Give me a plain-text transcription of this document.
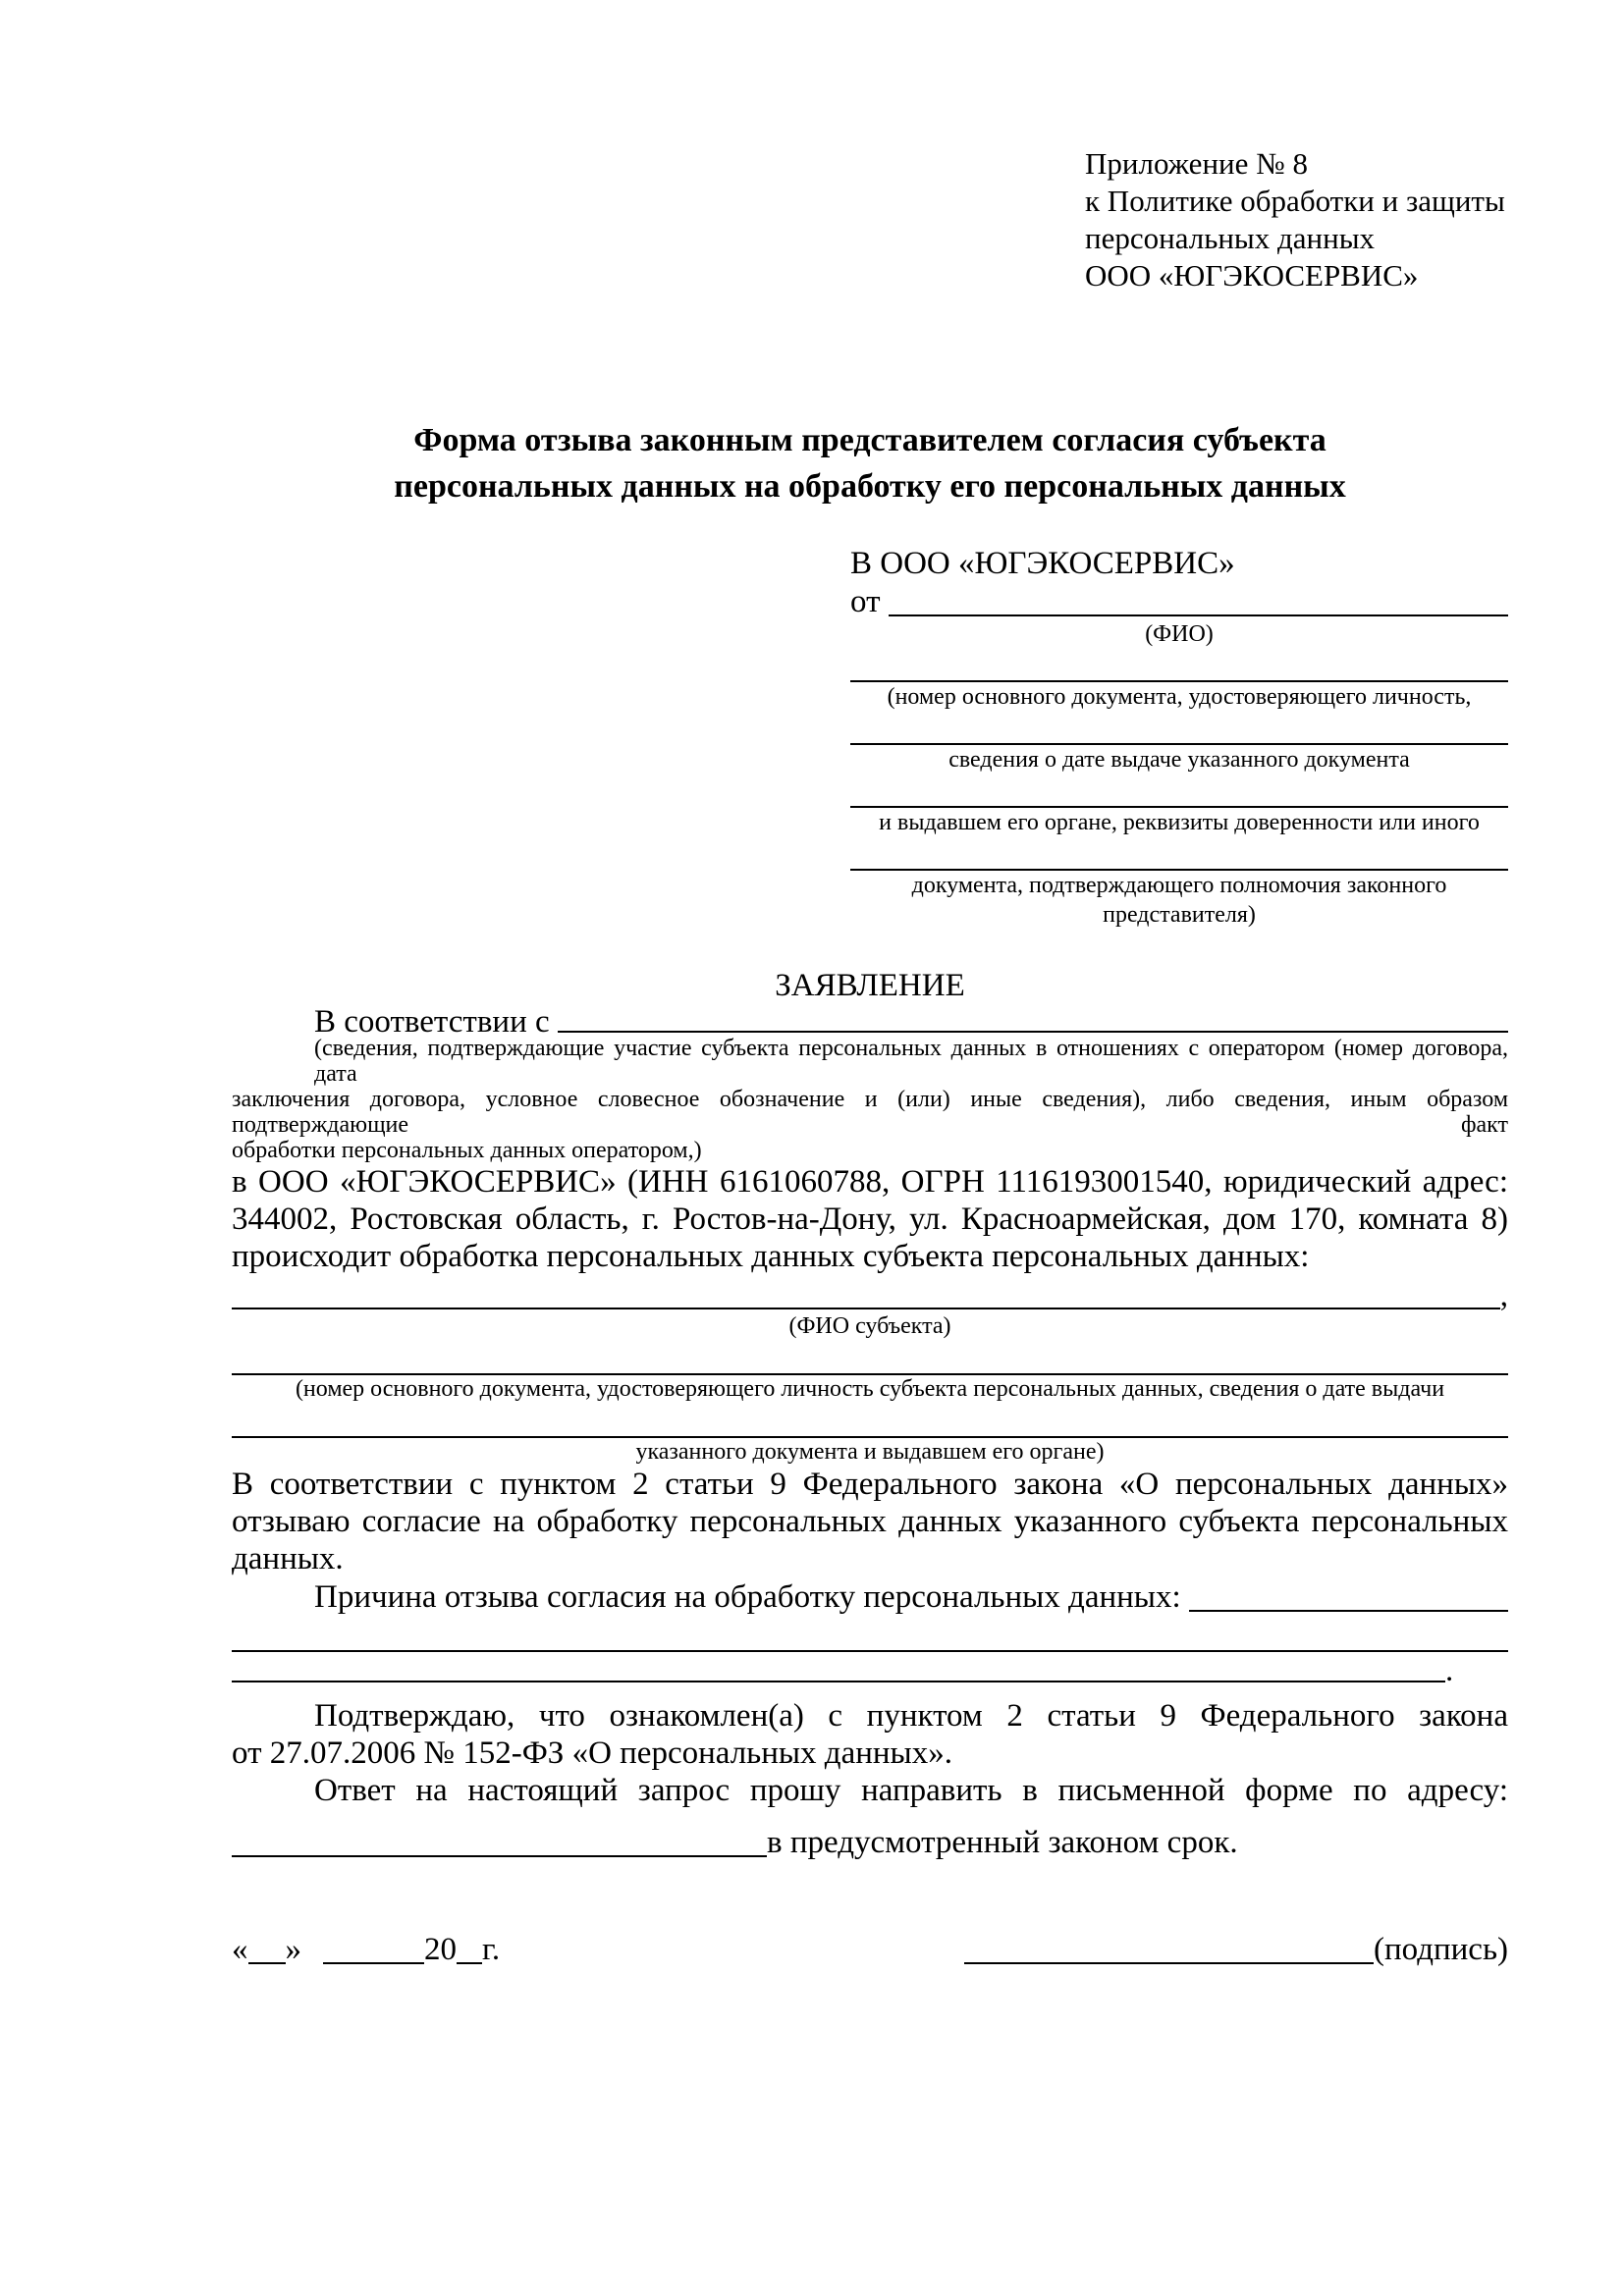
Приложение № 8
к Политике обработки и защиты
персональных данных
ООО «ЮГЭКОСЕРВИС»
Форма отзыва законным представителем согласия субъекта
персональных данных на обработку его персональных данных
В ООО «ЮГЭКОСЕРВИС»
от
(ФИО)
(номер основного документа, удостоверяющего личность,
сведения о дате выдаче указанного документа
и выдавшем его органе, реквизиты доверенности или иного
документа, подтверждающего полномочия законного представителя)
ЗАЯВЛЕНИЕ
В соответствии с
(сведения, подтверждающие участие субъекта персональных данных в отношениях с оператором (номер договора, дата
заключения договора, условное словесное обозначение и (или) иные сведения), либо сведения, иным образом подтверждающие факт
обработки персональных данных оператором,)
в ООО «ЮГЭКОСЕРВИС» (ИНН 6161060788, ОГРН 1116193001540, юридический адрес:
344002, Ростовская область, г. Ростов-на-Дону, ул. Красноармейская, дом 170, комната 8)
происходит обработка персональных данных субъекта персональных данных:
,
(ФИО субъекта)
(номер основного документа, удостоверяющего личность субъекта персональных данных, сведения о дате выдачи
указанного документа и выдавшем его органе)
В соответствии с пунктом 2 статьи 9 Федерального закона «О персональных данных»
отзываю согласие на обработку персональных данных указанного субъекта персональных
данных.
Причина отзыва согласия на обработку персональных данных:
.
Подтверждаю, что ознакомлен(а) с пунктом 2 статьи 9 Федерального закона
от 27.07.2006 № 152-ФЗ «О персональных данных».
Ответ на настоящий запрос прошу направить в письменной форме по адресу:
в предусмотренный законом срок.
« »	20 г.	(подпись)
